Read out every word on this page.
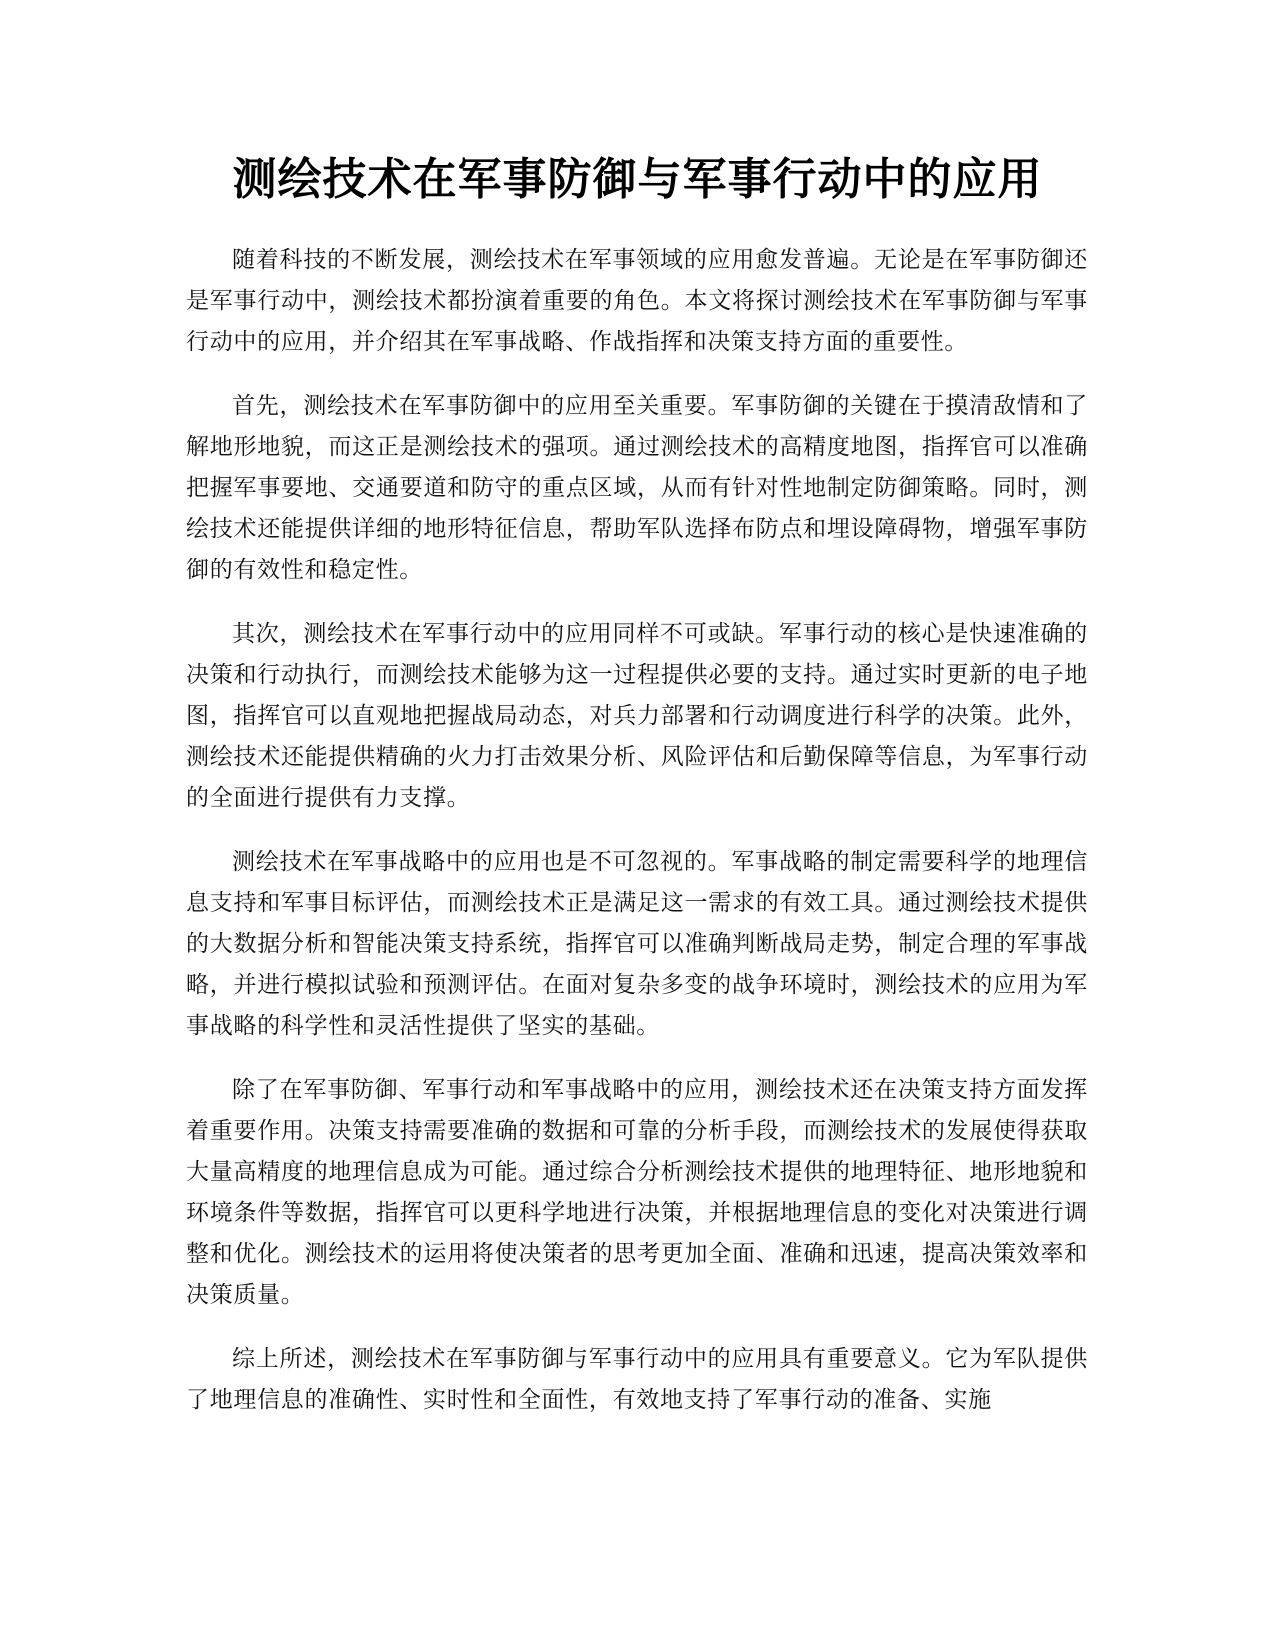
测绘技术在军事防御与军事行动中的应用

随着科技的不断发展，测绘技术在军事领域的应用愈发普遍。无论是在军事防御还是军事行动中，测绘技术都扮演着重要的角色。本文将探讨测绘技术在军事防御与军事行动中的应用，并介绍其在军事战略、作战指挥和决策支持方面的重要性。

首先，测绘技术在军事防御中的应用至关重要。军事防御的关键在于摸清敌情和了解地形地貌，而这正是测绘技术的强项。通过测绘技术的高精度地图，指挥官可以准确把握军事要地、交通要道和防守的重点区域，从而有针对性地制定防御策略。同时，测绘技术还能提供详细的地形特征信息，帮助军队选择布防点和埋设障碍物，增强军事防御的有效性和稳定性。

其次，测绘技术在军事行动中的应用同样不可或缺。军事行动的核心是快速准确的决策和行动执行，而测绘技术能够为这一过程提供必要的支持。通过实时更新的电子地图，指挥官可以直观地把握战局动态，对兵力部署和行动调度进行科学的决策。此外，测绘技术还能提供精确的火力打击效果分析、风险评估和后勤保障等信息，为军事行动的全面进行提供有力支撑。

测绘技术在军事战略中的应用也是不可忽视的。军事战略的制定需要科学的地理信息支持和军事目标评估，而测绘技术正是满足这一需求的有效工具。通过测绘技术提供的大数据分析和智能决策支持系统，指挥官可以准确判断战局走势，制定合理的军事战略，并进行模拟试验和预测评估。在面对复杂多变的战争环境时，测绘技术的应用为军事战略的科学性和灵活性提供了坚实的基础。

除了在军事防御、军事行动和军事战略中的应用，测绘技术还在决策支持方面发挥着重要作用。决策支持需要准确的数据和可靠的分析手段，而测绘技术的发展使得获取大量高精度的地理信息成为可能。通过综合分析测绘技术提供的地理特征、地形地貌和环境条件等数据，指挥官可以更科学地进行决策，并根据地理信息的变化对决策进行调整和优化。测绘技术的运用将使决策者的思考更加全面、准确和迅速，提高决策效率和决策质量。

综上所述，测绘技术在军事防御与军事行动中的应用具有重要意义。它为军队提供了地理信息的准确性、实时性和全面性，有效地支持了军事行动的准备、实施
